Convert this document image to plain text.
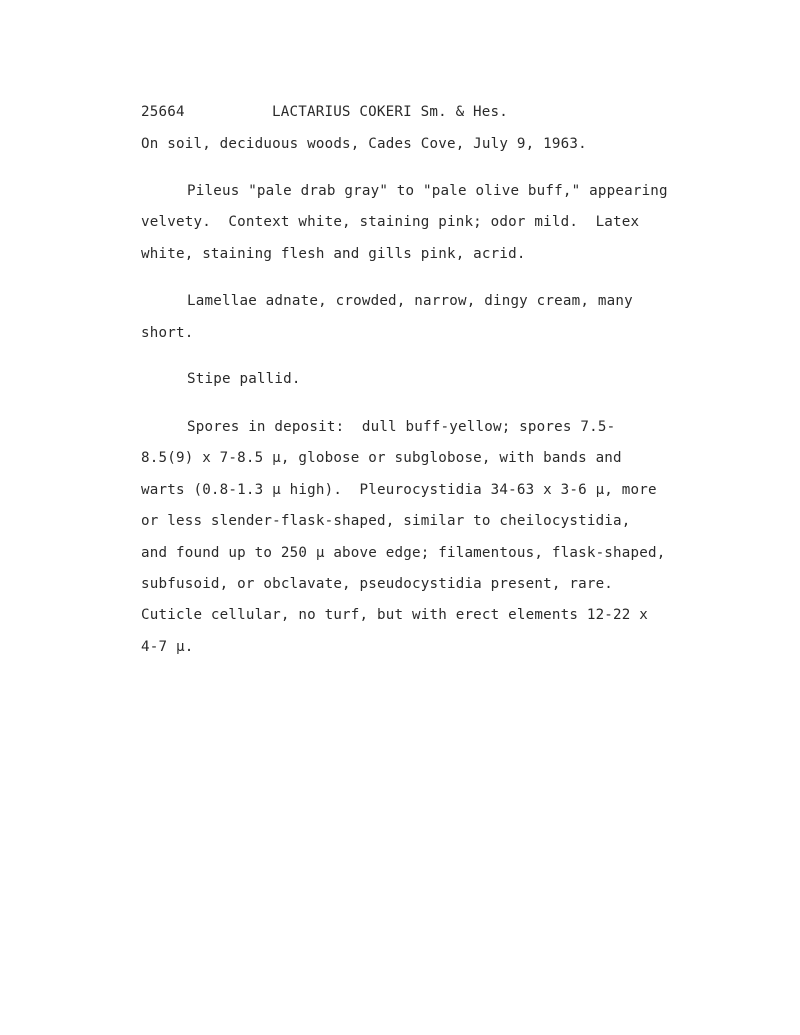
25664	LACTARIUS COKERI Sm. & Hes.
On soil, deciduous woods, Cades Cove, July 9, 1963.
Pileus "pale drab gray" to "pale olive buff," appearing
velvety.  Context white, staining pink; odor mild.  Latex
white, staining flesh and gills pink, acrid.
Lamellae adnate, crowded, narrow, dingy cream, many
short.
Stipe pallid.
Spores in deposit:  dull buff-yellow; spores 7.5-
8.5(9) x 7-8.5 µ, globose or subglobose, with bands and
warts (0.8-1.3 µ high).  Pleurocystidia 34-63 x 3-6 µ, more
or less slender-flask-shaped, similar to cheilocystidia,
and found up to 250 µ above edge; filamentous, flask-shaped,
subfusoid, or obclavate, pseudocystidia present, rare.
Cuticle cellular, no turf, but with erect elements 12-22 x
4-7 µ.
